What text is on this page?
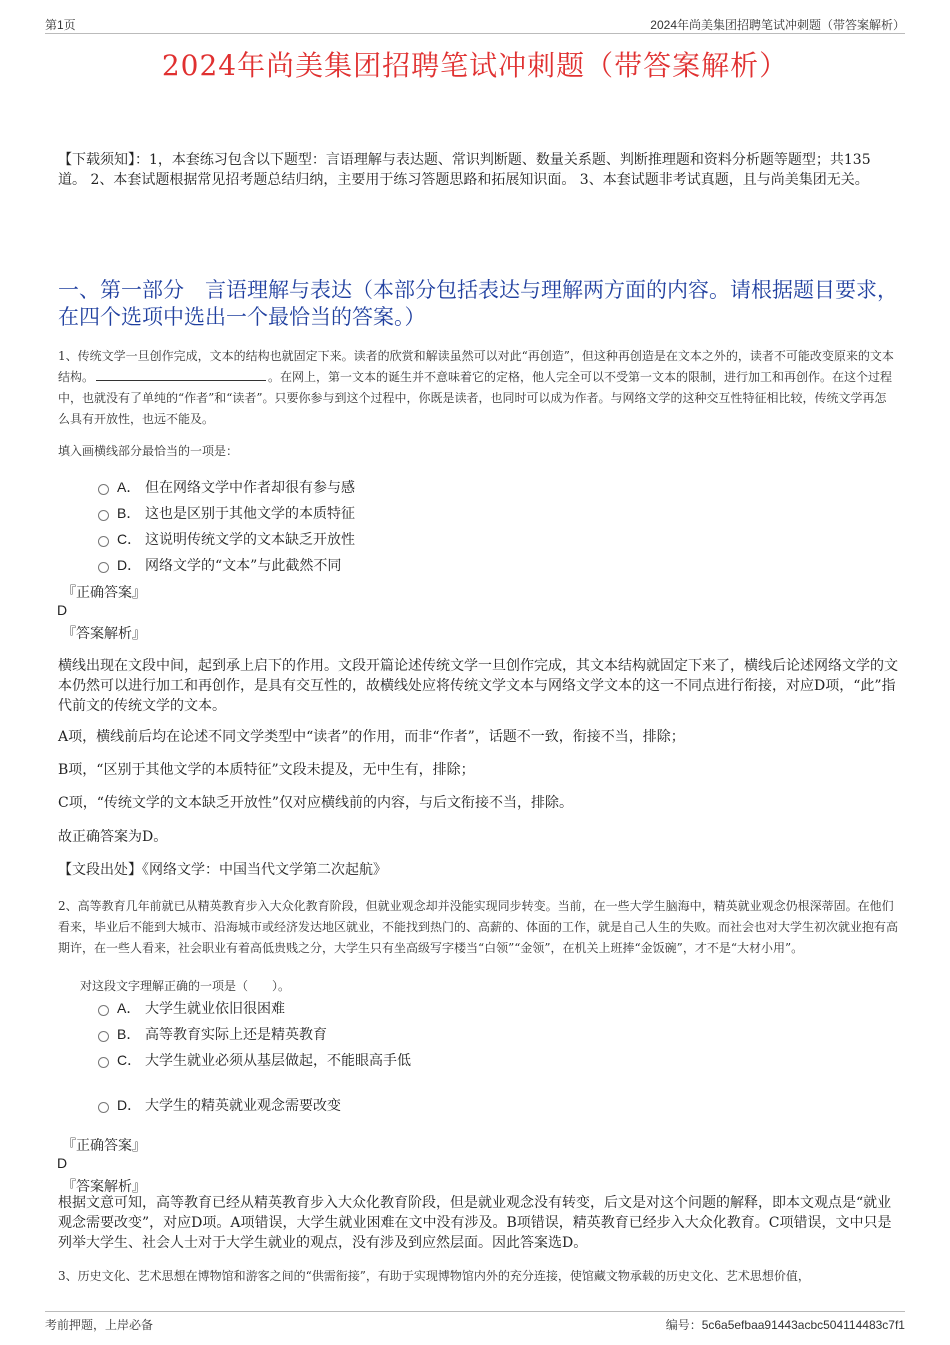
第1页	2024年尚美集团招聘笔试冲刺题（带答案解析）
2024年尚美集团招聘笔试冲刺题（带答案解析）
【下载须知】：1，本套练习包含以下题型：言语理解与表达题、常识判断题、数量关系题、判断推理题和资料分析题等题型；共135道。 2、本套试题根据常见招考题总结归纳，主要用于练习答题思路和拓展知识面。 3、本套试题非考试真题，且与尚美集团无关。
一、第一部分　言语理解与表达（本部分包括表达与理解两方面的内容。请根据题目要求，在四个选项中选出一个最恰当的答案。）
1、传统文学一旦创作完成，文本的结构也就固定下来。读者的欣赏和解读虽然可以对此“再创造”，但这种再创造是在文本之外的，读者不可能改变原来的文本结构。	。在网上，第一文本的诞生并不意味着它的定格，他人完全可以不受第一文本的限制，进行加工和再创作。在这个过程中，也就没有了单纯的“作者”和“读者”。只要你参与到这个过程中，你既是读者，也同时可以成为作者。与网络文学的这种交互性特征相比较，传统文学再怎么具有开放性，也远不能及。
填入画横线部分最恰当的一项是：
A． 但在网络文学中作者却很有参与感
B． 这也是区别于其他文学的本质特征
C． 这说明传统文学的文本缺乏开放性
D． 网络文学的“文本”与此截然不同
『正确答案』
D
『答案解析』
横线出现在文段中间，起到承上启下的作用。文段开篇论述传统文学一旦创作完成，其文本结构就固定下来了，横线后论述网络文学的文本仍然可以进行加工和再创作，是具有交互性的，故横线处应将传统文学文本与网络文学文本的这一不同点进行衔接，对应D项，“此”指代前文的传统文学的文本。
A项，横线前后均在论述不同文学类型中“读者”的作用，而非“作者”，话题不一致，衔接不当，排除；
B项，“区别于其他文学的本质特征”文段未提及，无中生有，排除；
C项，“传统文学的文本缺乏开放性”仅对应横线前的内容，与后文衔接不当，排除。
故正确答案为D。
【文段出处】《网络文学：中国当代文学第二次起航》
2、高等教育几年前就已从精英教育步入大众化教育阶段，但就业观念却并没能实现同步转变。当前，在一些大学生脑海中，精英就业观念仍根深蒂固。在他们看来，毕业后不能到大城市、沿海城市或经济发达地区就业，不能找到热门的、高薪的、体面的工作，就是自己人生的失败。而社会也对大学生初次就业抱有高期许，在一些人看来，社会职业有着高低贵贱之分，大学生只有坐高级写字楼当“白领”“金领”，在机关上班捧“金饭碗”，才不是“大材小用”。
对这段文字理解正确的一项是（　　）。
A． 大学生就业依旧很困难
B． 高等教育实际上还是精英教育
C． 大学生就业必须从基层做起，不能眼高手低
D． 大学生的精英就业观念需要改变
『正确答案』
D
『答案解析』
根据文意可知，高等教育已经从精英教育步入大众化教育阶段，但是就业观念没有转变，后文是对这个问题的解释，即本文观点是“就业观念需要改变”，对应D项。A项错误，大学生就业困难在文中没有涉及。B项错误，精英教育已经步入大众化教育。C项错误，文中只是列举大学生、社会人士对于大学生就业的观点，没有涉及到应然层面。因此答案选D。
3、历史文化、艺术思想在博物馆和游客之间的“供需衔接”，有助于实现博物馆内外的充分连接，使馆藏文物承载的历史文化、艺术思想价值，
考前押题，上岸必备	编号：5c6a5efbaa91443acbc504114483c7f1
